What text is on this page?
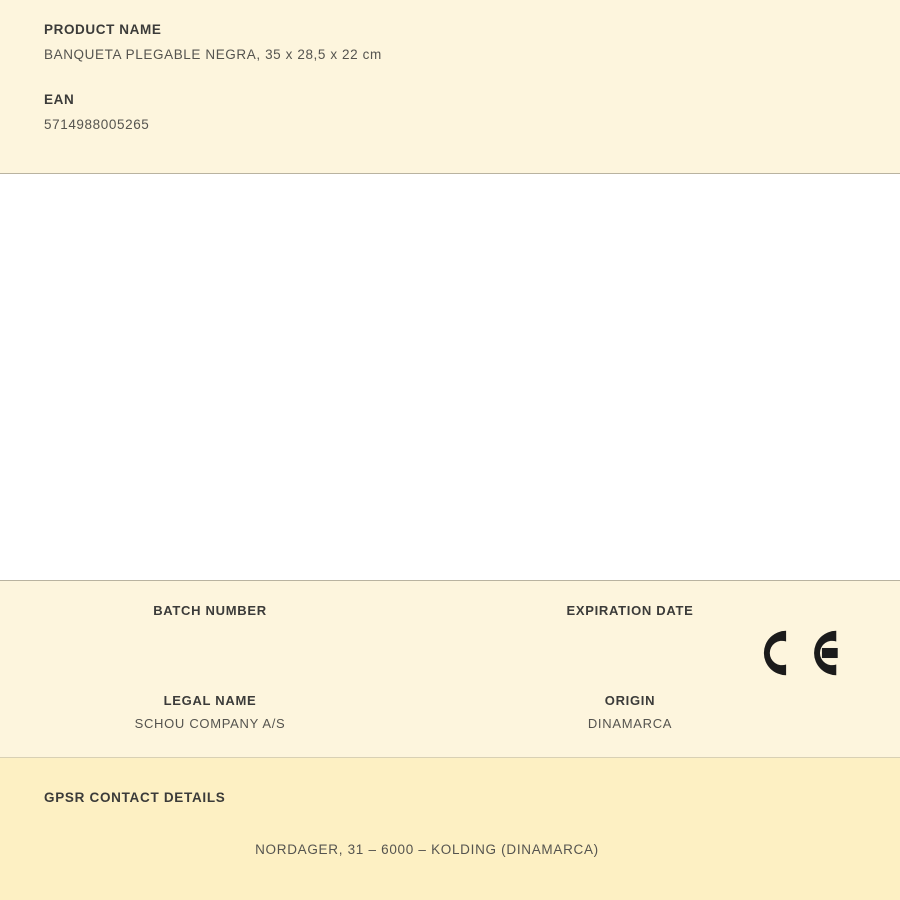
PRODUCT NAME

BANQUETA PLEGABLE NEGRA, 35 x 28,5 x 22 cm

EAN

5714988005265

BATCH NUMBER	EXPIRATION DATE

LEGAL NAME

SCHOU COMPANY A/S

ORIGIN

DINAMARCA

GPSR CONTACT DETAILS

NORDAGER, 31 – 6000 – KOLDING (DINAMARCA)
